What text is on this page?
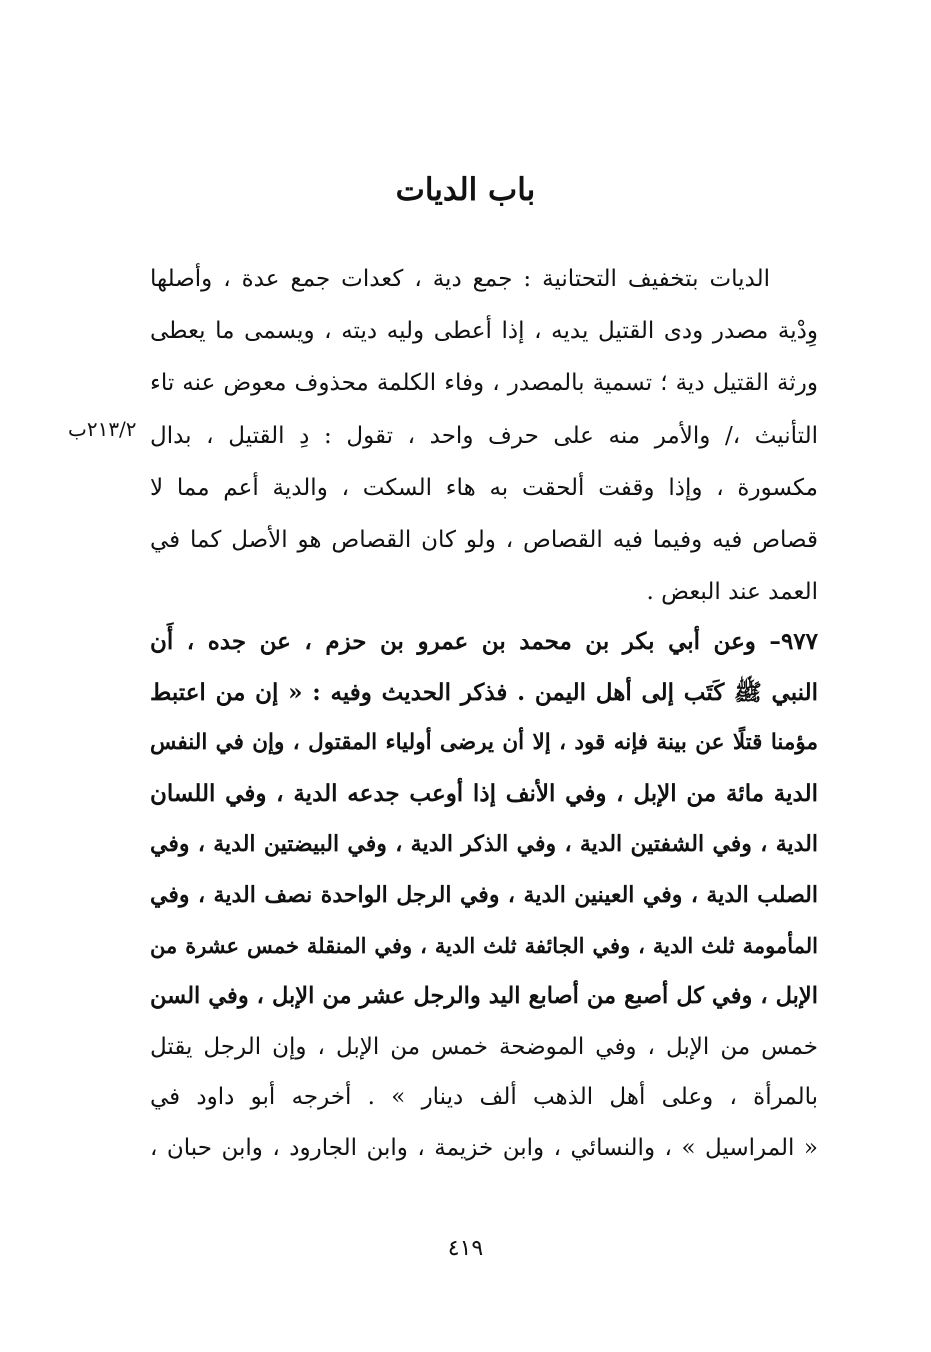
باب الديات
الديات بتخفيف التحتانية : جمع دية ، كعدات جمع عدة ، وأصلها
وِدْية مصدر ودى القتيل يديه ، إذا أعطى وليه ديته ، ويسمى ما يعطى
ورثة القتيل دية ؛ تسمية بالمصدر ، وفاء الكلمة محذوف معوض عنه تاء
التأنيث ،/ والأمر منه على حرف واحد ، تقول : دِ القتيل ، بدال
مكسورة ، وإذا وقفت ألحقت به هاء السكت ، والدية أعم مما لا
قصاص فيه وفيما فيه القصاص ، ولو كان القصاص هو الأصل كما في
العمد عند البعض .
٢١٣/٢ب
٩٧٧– وعن أبي بكر بن محمد بن عمرو بن حزم ، عن جده ، أَن
النبي ﷺ كَتَب إلى أهل اليمن . فذكر الحديث وفيه : « إن من اعتبط
مؤمنا قتلًا عن بينة فإنه قود ، إلا أن يرضى أولياء المقتول ، وإن في النفس
الدية مائة من الإبل ، وفي الأنف إذا أوعب جدعه الدية ، وفي اللسان
الدية ، وفي الشفتين الدية ، وفي الذكر الدية ، وفي البيضتين الدية ، وفي
الصلب الدية ، وفي العينين الدية ، وفي الرجل الواحدة نصف الدية ، وفي
المأمومة ثلث الدية ، وفي الجائفة ثلث الدية ، وفي المنقلة خمس عشرة من
الإبل ، وفي كل أصبع من أصابع اليد والرجل عشر من الإبل ، وفي السن
خمس من الإبل ، وفي الموضحة خمس من الإبل ، وإن الرجل يقتل
بالمرأة ، وعلى أهل الذهب ألف دينار » . أخرجه أبو داود في
« المراسيل » ، والنسائي ، وابن خزيمة ، وابن الجارود ، وابن حبان ،
٤١٩
